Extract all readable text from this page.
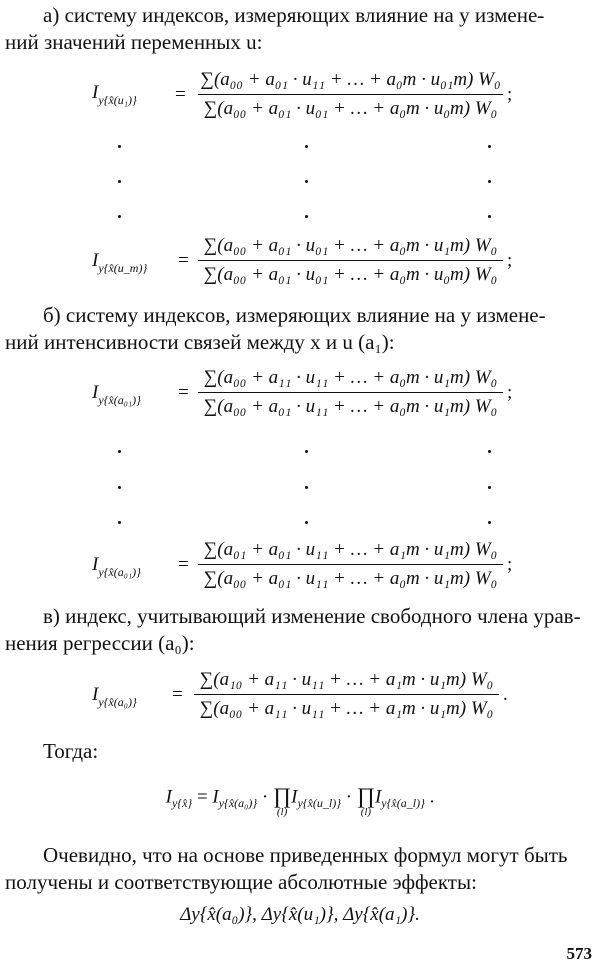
а) систему индексов, измеряющих влияние на y измене-
ний значений переменных u:
$I_{y\{x̂(u_1)\}}$ =
∑(a₀₀ + a₀₁ · u₁₁ + … + a₀m · u₀₁m) W₀
∑(a₀₀ + a₀₁ · u₀₁ + … + a₀m · u₀m) W₀
;
$I_{y\{x̂(u\_m)\}}$ =
∑(a₀₀ + a₀₁ · u₀₁ + … + a₀m · u₁m) W₀
∑(a₀₀ + a₀₁ · u₀₁ + … + a₀m · u₀m) W₀
;
б) систему индексов, измеряющих влияние на y измене-
ний интенсивности связей между x и u (a₁):
$I_{y\{x̂(a_{01})\}}$ =
∑(a₀₀ + a₁₁ · u₁₁ + … + a₀m · u₁m) W₀
∑(a₀₀ + a₀₁ · u₁₁ + … + a₀m · u₁m) W₀
;
$I_{y\{x̂(a_{01})\}}$ =
∑(a₀₁ + a₀₁ · u₁₁ + … + a₁m · u₁m) W₀
∑(a₀₀ + a₀₁ · u₁₁ + … + a₀m · u₁m) W₀
;
в) индекс, учитывающий изменение свободного члена урав-
нения регрессии (a₀):
$I_{y\{x̂(a_0)\}}$ =
∑(a₁₀ + a₁₁ · u₁₁ + … + a₁m · u₁m) W₀
∑(a₀₀ + a₁₁ · u₁₁ + … + a₁m · u₁m) W₀
.
Тогда:
$I_{y\{x̂\}} = I_{y\{x̂(a_0)\}}$ · ∏
(l)
$I_{y\{x̂(u\_l)\}}$ · ∏
(l)
$I_{y\{x̂(a\_l)\}}$ .
Очевидно, что на основе приведенных формул могут быть
получены и соответствующие абсолютные эффекты:
Δy{x̂(a₀)}, Δy{x̂(u₁)}, Δy{x̂(a₁)}.
573
